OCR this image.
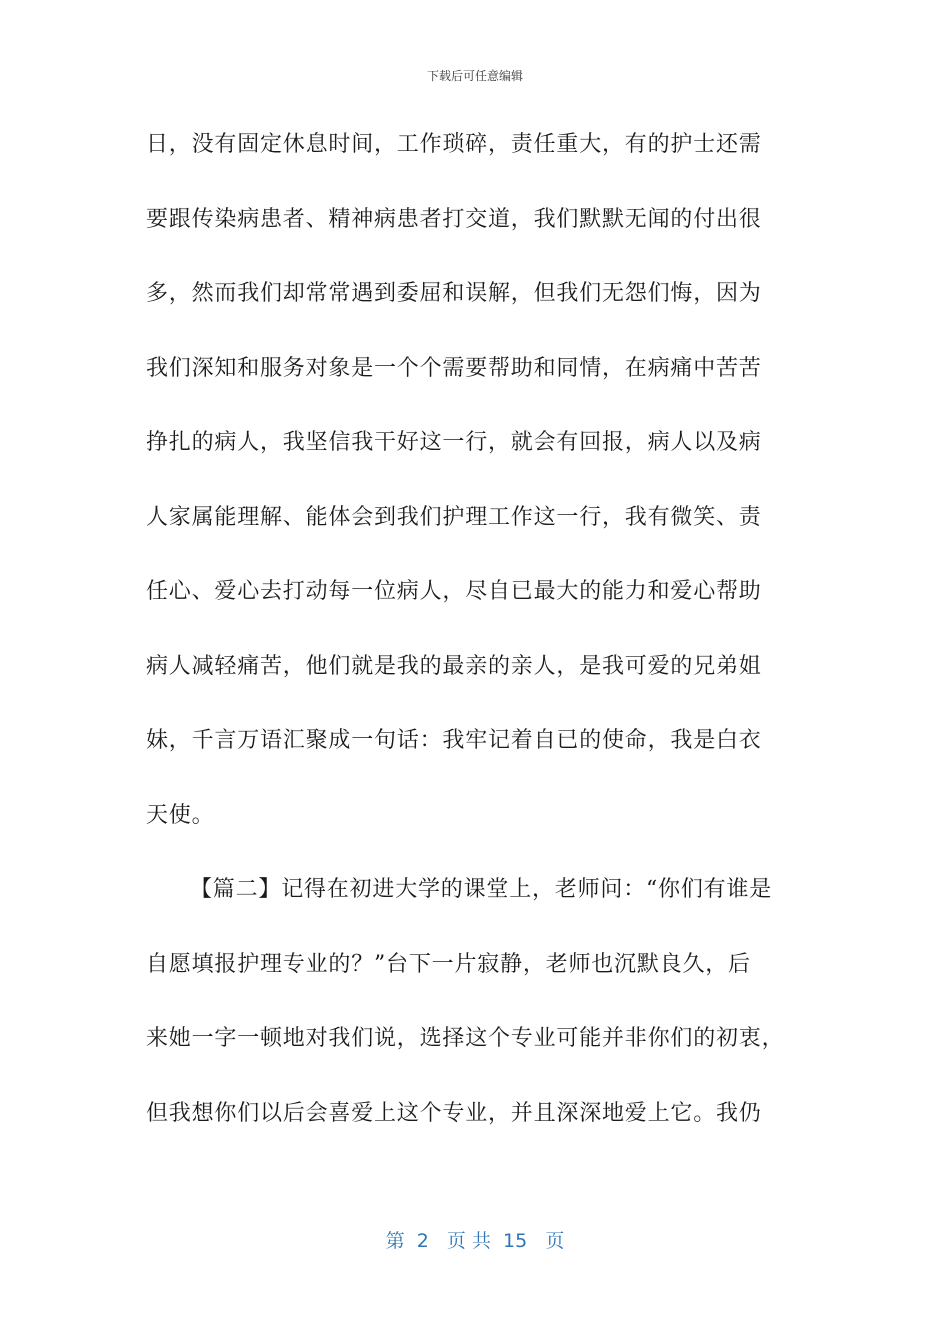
下载后可任意编辑
日，没有固定休息时间，工作琐碎，责任重大，有的护士还需
要跟传染病患者、精神病患者打交道，我们默默无闻的付出很
多，然而我们却常常遇到委屈和误解，但我们无怨们悔，因为
我们深知和服务对象是一个个需要帮助和同情，在病痛中苦苦
挣扎的病人，我坚信我干好这一行，就会有回报，病人以及病
人家属能理解、能体会到我们护理工作这一行，我有微笑、责
任心、爱心去打动每一位病人，尽自已最大的能力和爱心帮助
病人减轻痛苦，他们就是我的最亲的亲人，是我可爱的兄弟姐
妹，千言万语汇聚成一句话：我牢记着自已的使命，我是白衣
天使。
【篇二】记得在初进大学的课堂上，老师问：“你们有谁是
自愿填报护理专业的？”台下一片寂静，老师也沉默良久，后
来她一字一顿地对我们说，选择这个专业可能并非你们的初衷，
但我想你们以后会喜爱上这个专业，并且深深地爱上它。我仍
第  2   页 共  15   页
